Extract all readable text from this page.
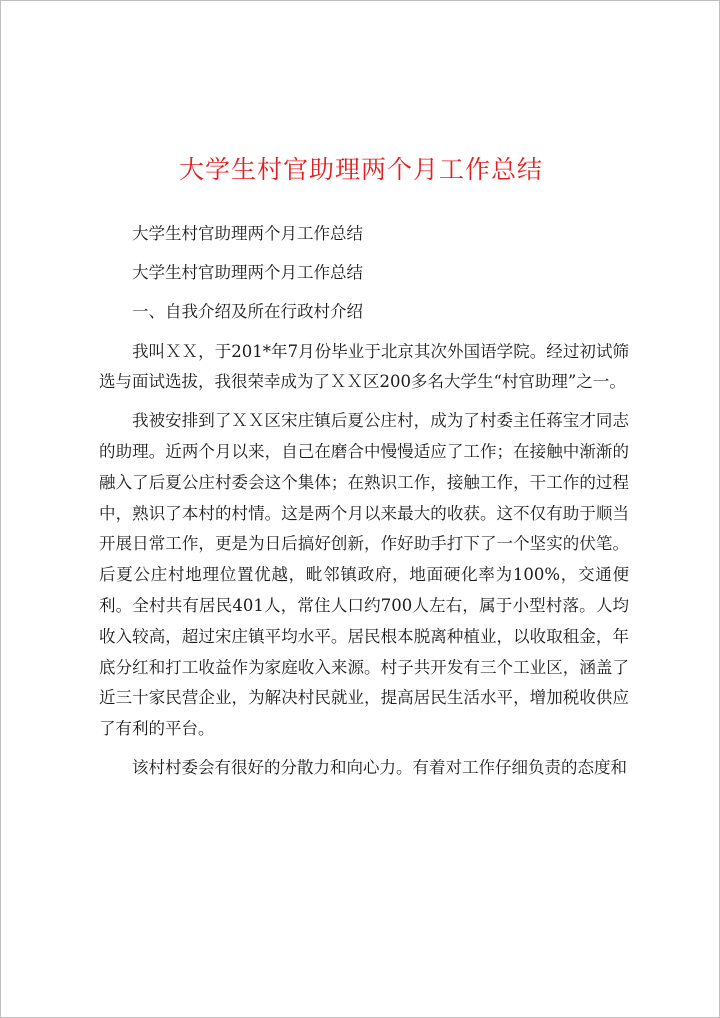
大学生村官助理两个月工作总结

大学生村官助理两个月工作总结

大学生村官助理两个月工作总结

一、自我介绍及所在行政村介绍

我叫ＸＸ，于201*年7月份毕业于北京其次外国语学院。经过初试筛选与面试选拔，我很荣幸成为了ＸＸ区200多名大学生“村官助理”之一。

我被安排到了ＸＸ区宋庄镇后夏公庄村，成为了村委主任蒋宝才同志的助理。近两个月以来，自己在磨合中慢慢适应了工作；在接触中渐渐的融入了后夏公庄村委会这个集体；在熟识工作，接触工作，干工作的过程中，熟识了本村的村情。这是两个月以来最大的收获。这不仅有助于顺当开展日常工作，更是为日后搞好创新，作好助手打下了一个坚实的伏笔。后夏公庄村地理位置优越，毗邻镇政府，地面硬化率为100%，交通便利。全村共有居民401人，常住人口约700人左右，属于小型村落。人均收入较高，超过宋庄镇平均水平。居民根本脱离种植业，以收取租金，年底分红和打工收益作为家庭收入来源。村子共开发有三个工业区，涵盖了近三十家民营企业，为解决村民就业，提高居民生活水平，增加税收供应了有利的平台。

该村村委会有很好的分散力和向心力。有着对工作仔细负责的态度和
